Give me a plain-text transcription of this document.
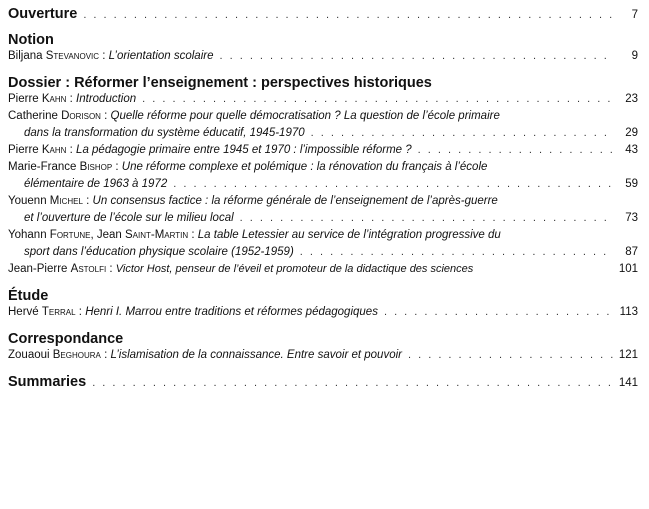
Ouverture . . .	7
Notion
Biljana Stevanovic : L’orientation scolaire . . .	9
Dossier : Réformer l’enseignement : perspectives historiques
Pierre Kahn : Introduction . . .	23
Catherine Dorison : Quelle réforme pour quelle démocratisation ? La question de l’école primaire
dans la transformation du système éducatif, 1945-1970 . . .	29
Pierre Kahn : La pédagogie primaire entre 1945 et 1970 : l’impossible réforme ? . . .	43
Marie-France Bishop : Une réforme complexe et polémique : la rénovation du français à l’école
élémentaire de 1963 à 1972 . . .	59
Youenn Michel : Un consensus factice : la réforme générale de l’enseignement de l’après-guerre
et l’ouverture de l’école sur le milieu local . . .	73
Yohann Fortune, Jean Saint-Martin : La table Letessier au service de l’intégration progressive du
sport dans l’éducation physique scolaire (1952-1959) . . .	87
Jean-Pierre Astolfi : Victor Host, penseur de l’éveil et promoteur de la didactique des sciences	101
Étude
Hervé Terral : Henri I. Marrou entre traditions et réformes pédagogiques . . .	113
Correspondance
Zouaoui Beghoura : L’islamisation de la connaissance. Entre savoir et pouvoir . . .	121
Summaries . . .	141
